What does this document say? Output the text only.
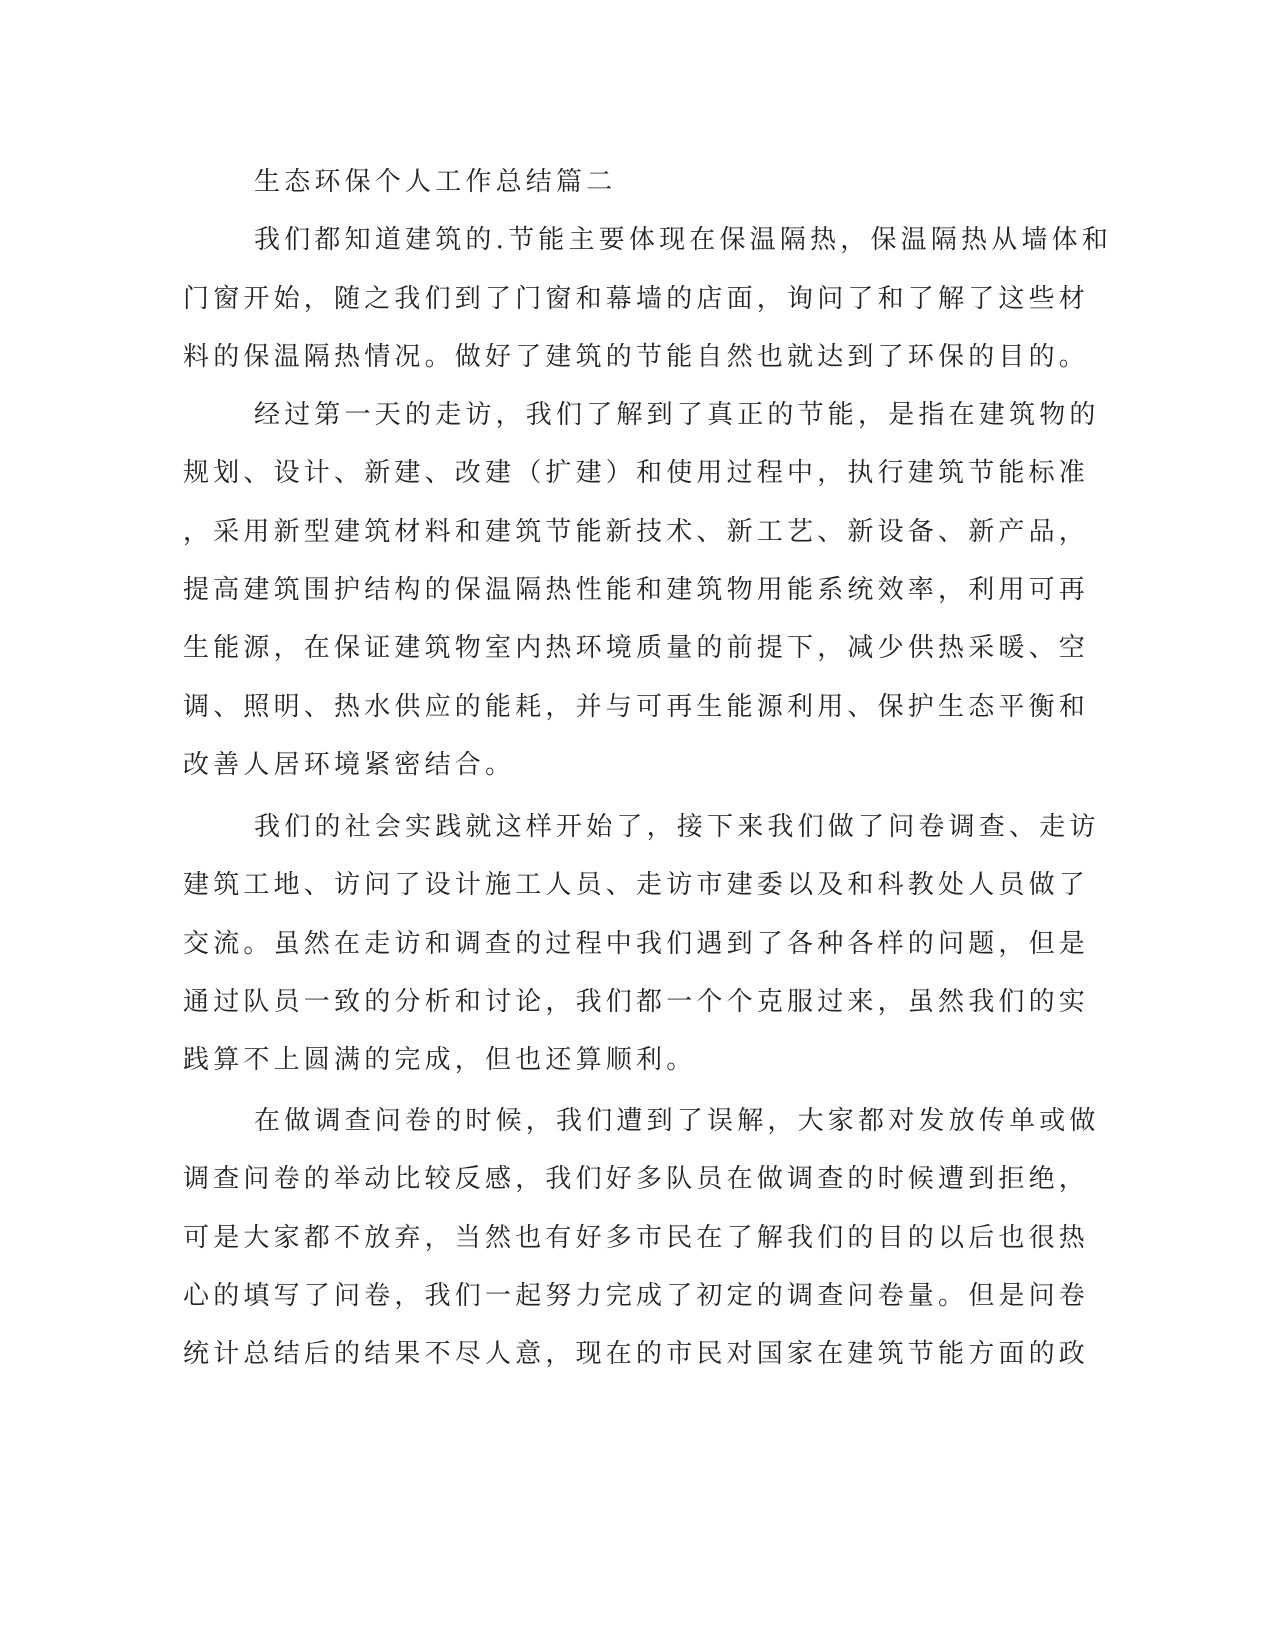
生态环保个人工作总结篇二
我们都知道建筑的.节能主要体现在保温隔热，保温隔热从墙体和
门窗开始，随之我们到了门窗和幕墙的店面，询问了和了解了这些材
料的保温隔热情况。做好了建筑的节能自然也就达到了环保的目的。
经过第一天的走访，我们了解到了真正的节能，是指在建筑物的
规划、设计、新建、改建（扩建）和使用过程中，执行建筑节能标准
，采用新型建筑材料和建筑节能新技术、新工艺、新设备、新产品，
提高建筑围护结构的保温隔热性能和建筑物用能系统效率，利用可再
生能源，在保证建筑物室内热环境质量的前提下，减少供热采暖、空
调、照明、热水供应的能耗，并与可再生能源利用、保护生态平衡和
改善人居环境紧密结合。
我们的社会实践就这样开始了，接下来我们做了问卷调查、走访
建筑工地、访问了设计施工人员、走访市建委以及和科教处人员做了
交流。虽然在走访和调查的过程中我们遇到了各种各样的问题，但是
通过队员一致的分析和讨论，我们都一个个克服过来，虽然我们的实
践算不上圆满的完成，但也还算顺利。
在做调查问卷的时候，我们遭到了误解，大家都对发放传单或做
调查问卷的举动比较反感，我们好多队员在做调查的时候遭到拒绝，
可是大家都不放弃，当然也有好多市民在了解我们的目的以后也很热
心的填写了问卷，我们一起努力完成了初定的调查问卷量。但是问卷
统计总结后的结果不尽人意，现在的市民对国家在建筑节能方面的政
